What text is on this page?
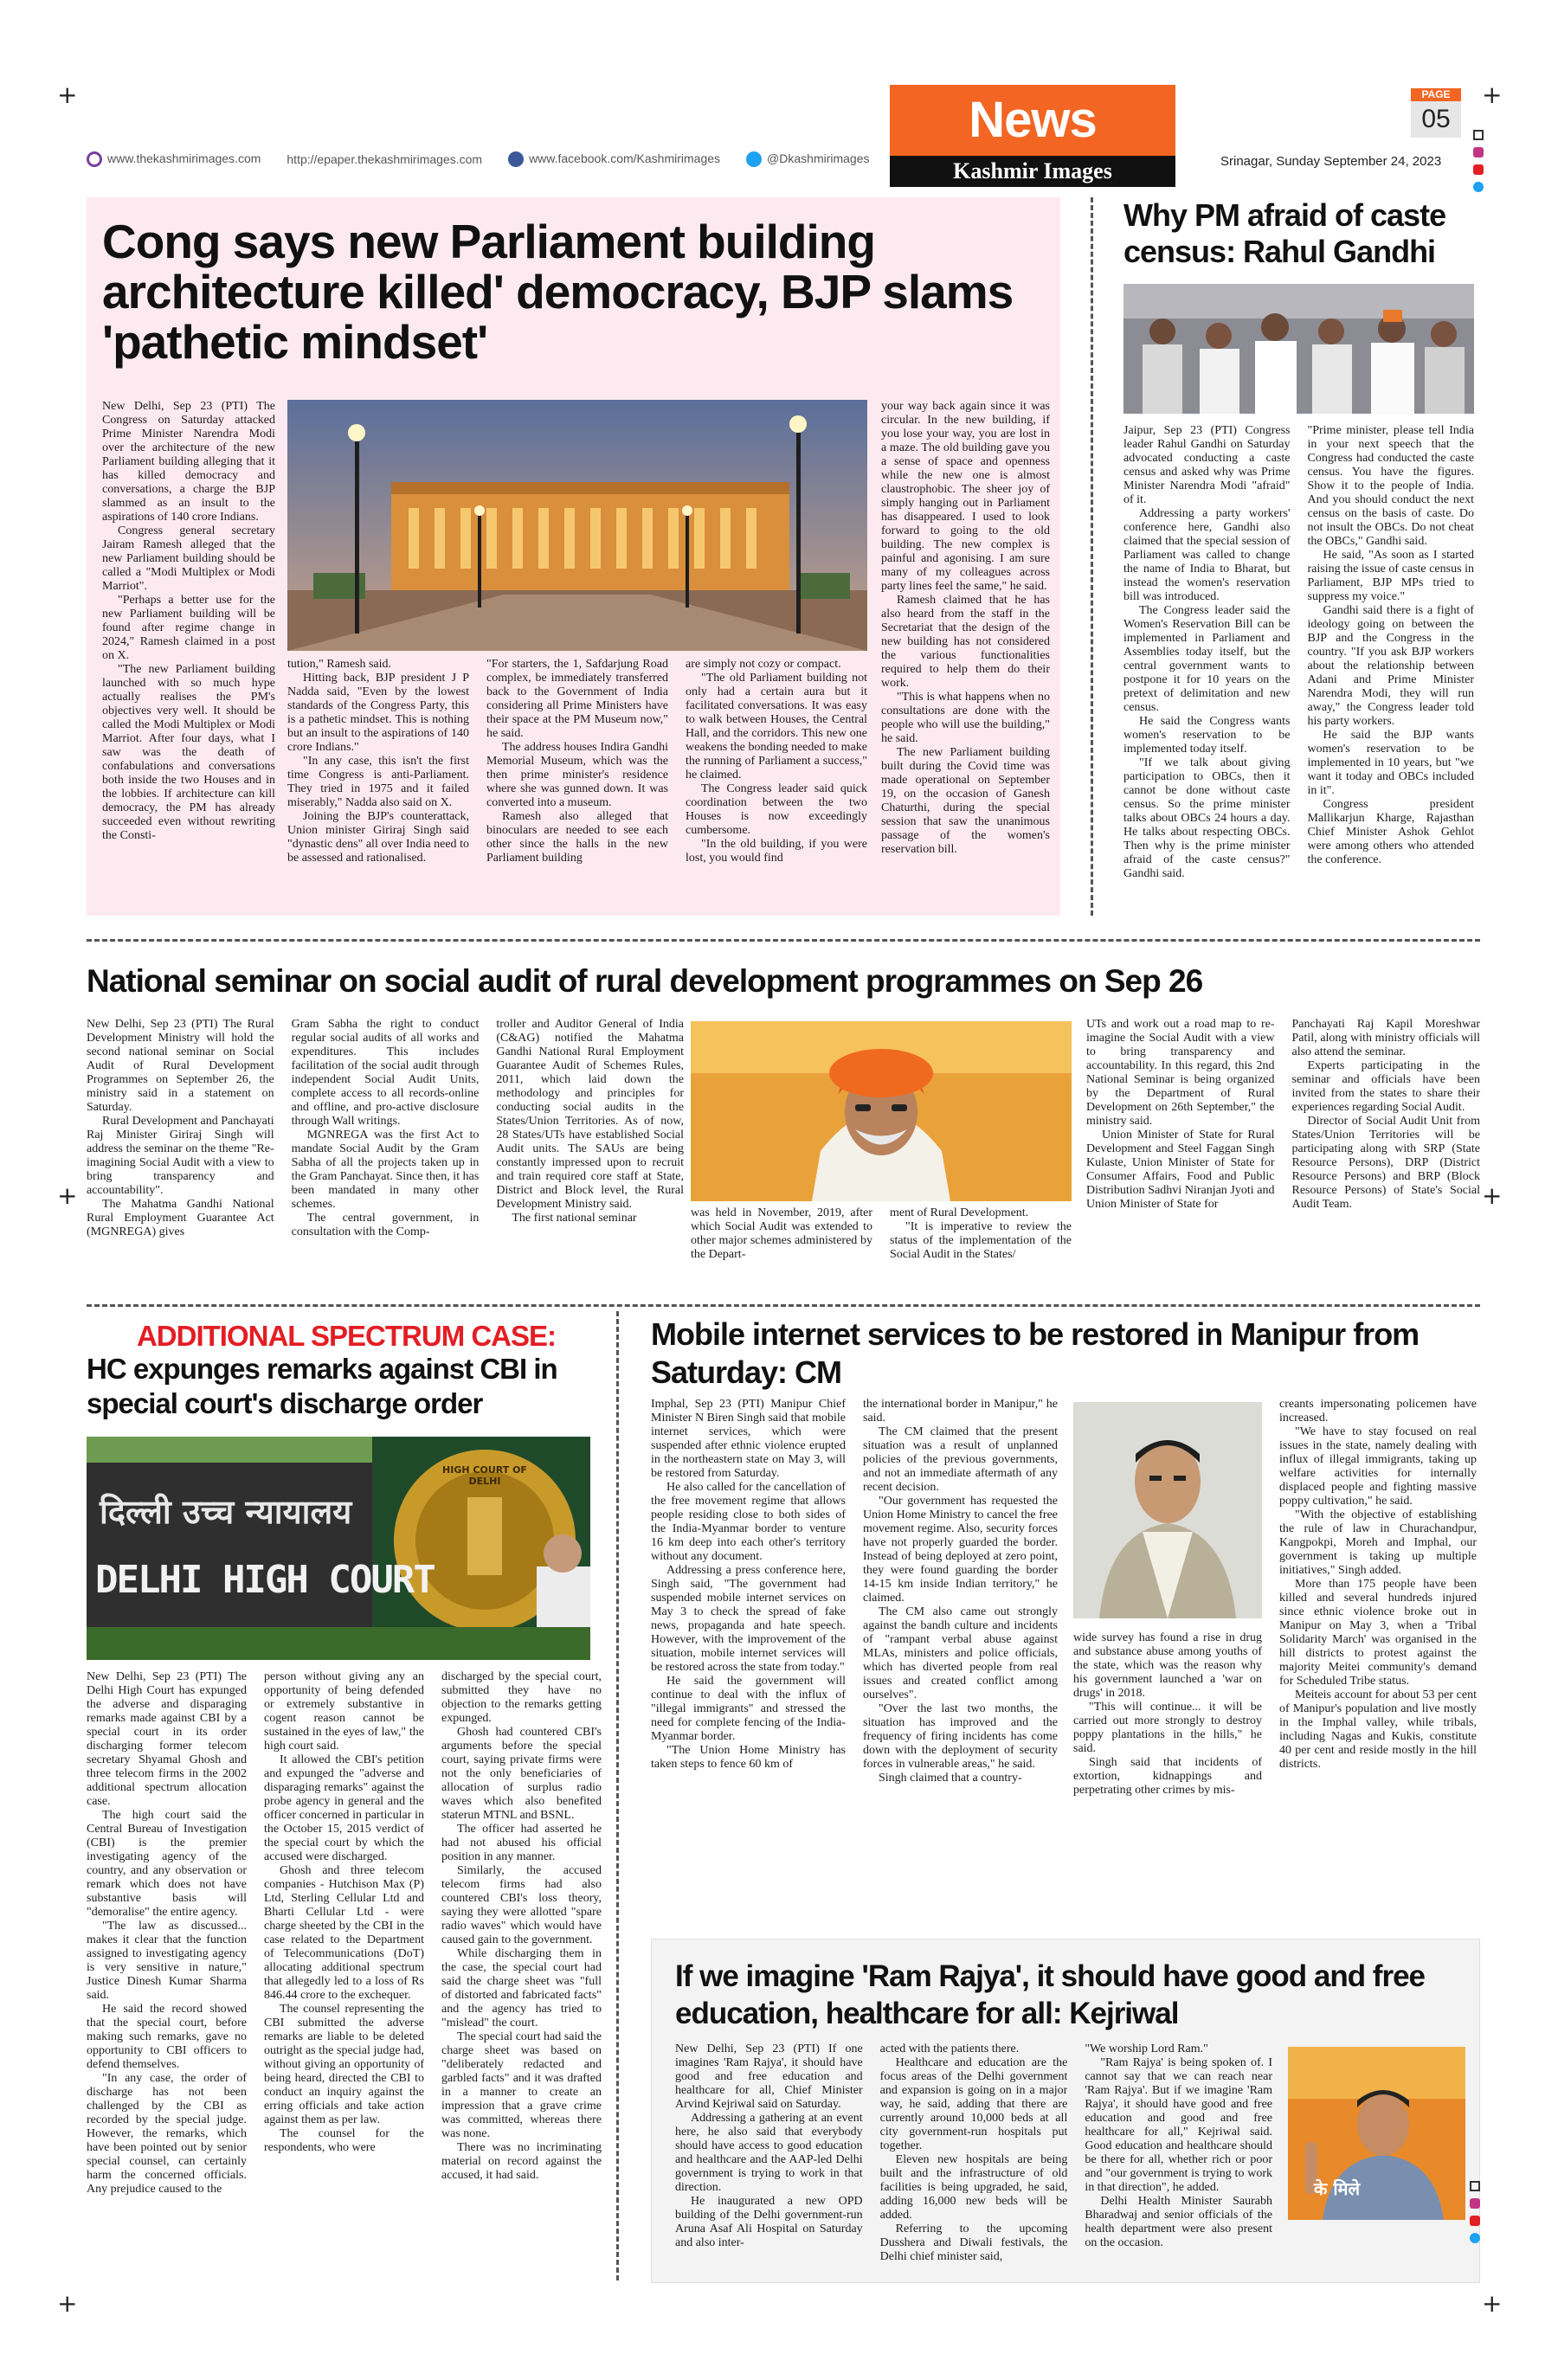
+	+
+	+
+	+
www.thekashmirimages.com http://epaper.thekashmirimages.com	www.facebook.com/Kashmirimages	@Dkashmirimages
News
Kashmir Images
PAGE
05
Srinagar, Sunday September 24, 2023
Cong says new Parliament building architecture killed' democracy, BJP slams 'pathetic mindset'

New Delhi, Sep 23 (PTI) The Congress on Saturday attacked Prime Minister Narendra Modi over the architecture of the new Parliament building alleging that it has killed democracy and conversations, a charge the BJP slammed as an insult to the aspirations of 140 crore Indians.

Congress general secretary Jairam Ramesh alleged that the new Parliament building should be called a "Modi Multiplex or Modi Marriot".

"Perhaps a better use for the new Parliament building will be found after regime change in 2024," Ramesh claimed in a post on X.

"The new Parliament building launched with so much hype actually realises the PM's objectives very well. It should be called the Modi Multiplex or Modi Marriot. After four days, what I saw was the death of confabulations and conversations both inside the two Houses and in the lobbies. If architecture can kill democracy, the PM has already succeeded even without rewriting the Consti-

tution," Ramesh said.

Hitting back, BJP president J P Nadda said, "Even by the lowest standards of the Congress Party, this is a pathetic mindset. This is nothing but an insult to the aspirations of 140 crore Indians."

"In any case, this isn't the first time Congress is anti-Parliament. They tried in 1975 and it failed miserably," Nadda also said on X.

Joining the BJP's counterattack, Union minister Giriraj Singh said "dynastic dens" all over India need to be assessed and rationalised.

"For starters, the 1, Safdarjung Road complex, be immediately transferred back to the Government of India considering all Prime Ministers have their space at the PM Museum now," he said.

The address houses Indira Gandhi Memorial Museum, which was the then prime minister's residence where she was gunned down. It was converted into a museum.

Ramesh also alleged that binoculars are needed to see each other since the halls in the new Parliament building

are simply not cozy or compact.

"The old Parliament building not only had a certain aura but it facilitated conversations. It was easy to walk between Houses, the Central Hall, and the corridors. This new one weakens the bonding needed to make the running of Parliament a success," he claimed.

The Congress leader said quick coordination between the two Houses is now exceedingly cumbersome.

"In the old building, if you were lost, you would find

your way back again since it was circular. In the new building, if you lose your way, you are lost in a maze. The old building gave you a sense of space and openness while the new one is almost claustrophobic. The sheer joy of simply hanging out in Parliament has disappeared. I used to look forward to going to the old building. The new complex is painful and agonising. I am sure many of my colleagues across party lines feel the same," he said.

Ramesh claimed that he has also heard from the staff in the Secretariat that the design of the new building has not considered the various functionalities required to help them do their work.

"This is what happens when no consultations are done with the people who will use the building," he said.

The new Parliament building built during the Covid time was made operational on September 19, on the occasion of Ganesh Chaturthi, during the special session that saw the unanimous passage of the women's reservation bill.

Why PM afraid of caste census: Rahul Gandhi

Jaipur, Sep 23 (PTI) Congress leader Rahul Gandhi on Saturday advocated conducting a caste census and asked why was Prime Minister Narendra Modi "afraid" of it.

Addressing a party workers' conference here, Gandhi also claimed that the special session of Parliament was called to change the name of India to Bharat, but instead the women's reservation bill was introduced.

The Congress leader said the Women's Reservation Bill can be implemented in Parliament and Assemblies today itself, but the central government wants to postpone it for 10 years on the pretext of delimitation and new census.

He said the Congress wants women's reservation to be implemented today itself.

"If we talk about giving participation to OBCs, then it cannot be done without caste census. So the prime minister talks about OBCs 24 hours a day. He talks about respecting OBCs. Then why is the prime minister afraid of the caste census?" Gandhi said.

"Prime minister, please tell India in your next speech that the Congress had conducted the caste census. You have the figures. Show it to the people of India. And you should conduct the next census on the basis of caste. Do not insult the OBCs. Do not cheat the OBCs," Gandhi said.

He said, "As soon as I started raising the issue of caste census in Parliament, BJP MPs tried to suppress my voice."

Gandhi said there is a fight of ideology going on between the BJP and the Congress in the country. "If you ask BJP workers about the relationship between Adani and Prime Minister Narendra Modi, they will run away," the Congress leader told his party workers.

He said the BJP wants women's reservation to be implemented in 10 years, but "we want it today and OBCs included in it".

Congress president Mallikarjun Kharge, Rajasthan Chief Minister Ashok Gehlot were among others who attended the conference.

National seminar on social audit of rural development programmes on Sep 26

New Delhi, Sep 23 (PTI) The Rural Development Ministry will hold the second national seminar on Social Audit of Rural Development Programmes on September 26, the ministry said in a statement on Saturday.

Rural Development and Panchayati Raj Minister Giriraj Singh will address the seminar on the theme "Re-imagining Social Audit with a view to bring transparency and accountability".

The Mahatma Gandhi National Rural Employment Guarantee Act (MGNREGA) gives

Gram Sabha the right to conduct regular social audits of all works and expenditures. This includes facilitation of the social audit through independent Social Audit Units, complete access to all records-online and offline, and pro-active disclosure through Wall writings.

MGNREGA was the first Act to mandate Social Audit by the Gram Sabha of all the projects taken up in the Gram Panchayat. Since then, it has been mandated in many other schemes.

The central government, in consultation with the Comp-

troller and Auditor General of India (C&AG) notified the Mahatma Gandhi National Rural Employment Guarantee Audit of Schemes Rules, 2011, which laid down the methodology and principles for conducting social audits in the States/Union Territories. As of now, 28 States/UTs have established Social Audit units. The SAUs are being constantly impressed upon to recruit and train required core staff at State, District and Block level, the Rural Development Ministry said.

The first national seminar	was held in November, 2019, after which Social Audit was extended to other major schemes administered by the Depart-

ment of Rural Development.

"It is imperative to review the status of the implementation of the Social Audit in the States/

UTs and work out a road map to re-imagine the Social Audit with a view to bring transparency and accountability. In this regard, this 2nd National Seminar is being organized by the Department of Rural Development on 26th September," the ministry said.

Union Minister of State for Rural Development and Steel Faggan Singh Kulaste, Union Minister of State for Consumer Affairs, Food and Public Distribution Sadhvi Niranjan Jyoti and Union Minister of State for

Panchayati Raj Kapil Moreshwar Patil, along with ministry officials will also attend the seminar.

Experts participating in the seminar and officials have been invited from the states to share their experiences regarding Social Audit.

Director of Social Audit Unit from States/Union Territories will be participating along with SRP (State Resource Persons), DRP (District Resource Persons) and BRP (Block Resource Persons) of State's Social Audit Team.

ADDITIONAL SPECTRUM CASE:
HC expunges remarks against CBI in special court's discharge order
दिल्ली उच्च न्यायालय
DELHI HIGH COURT
HIGH COURT OF DELHI

New Delhi, Sep 23 (PTI) The Delhi High Court has expunged the adverse and disparaging remarks made against CBI by a special court in its order discharging former telecom secretary Shyamal Ghosh and three telecom firms in the 2002 additional spectrum allocation case.

The high court said the Central Bureau of Investigation (CBI) is the premier investigating agency of the country, and any observation or remark which does not have substantive basis will "demoralise" the entire agency.

"The law as discussed... makes it clear that the function assigned to investigating agency is very sensitive in nature," Justice Dinesh Kumar Sharma said.

He said the record showed that the special court, before making such remarks, gave no opportunity to CBI officers to defend themselves.

"In any case, the order of discharge has not been challenged by the CBI as recorded by the special judge. However, the remarks, which have been pointed out by senior special counsel, can certainly harm the concerned officials. Any prejudice caused to the

person without giving any an opportunity of being defended or extremely substantive in cogent reason cannot be sustained in the eyes of law," the high court said.

It allowed the CBI's petition and expunged the "adverse and disparaging remarks" against the probe agency in general and the officer concerned in particular in the October 15, 2015 verdict of the special court by which the accused were discharged.

Ghosh and three telecom companies - Hutchison Max (P) Ltd, Sterling Cellular Ltd and Bharti Cellular Ltd - were charge sheeted by the CBI in the case related to the Department of Telecommunications (DoT) allocating additional spectrum that allegedly led to a loss of Rs 846.44 crore to the exchequer.

The counsel representing the CBI submitted the adverse remarks are liable to be deleted outright as the special judge had, without giving an opportunity of being heard, directed the CBI to conduct an inquiry against the erring officials and take action against them as per law.

The counsel for the respondents, who were

discharged by the special court, submitted they have no objection to the remarks getting expunged.

Ghosh had countered CBI's arguments before the special court, saying private firms were not the only beneficiaries of allocation of surplus radio waves which also benefited staterun MTNL and BSNL.

The officer had asserted he had not abused his official position in any manner.

Similarly, the accused telecom firms had also countered CBI's loss theory, saying they were allotted "spare radio waves" which would have caused gain to the government.

While discharging them in the case, the special court had said the charge sheet was "full of distorted and fabricated facts" and the agency has tried to "mislead" the court.

The special court had said the charge sheet was based on "deliberately redacted and garbled facts" and it was drafted in a manner to create an impression that a grave crime was committed, whereas there was none.

There was no incriminating material on record against the accused, it had said.

Mobile internet services to be restored in Manipur from Saturday: CM

Imphal, Sep 23 (PTI) Manipur Chief Minister N Biren Singh said that mobile internet services, which were suspended after ethnic violence erupted in the northeastern state on May 3, will be restored from Saturday.

He also called for the cancellation of the free movement regime that allows people residing close to both sides of the India-Myanmar border to venture 16 km deep into each other's territory without any document.

Addressing a press conference here, Singh said, "The government had suspended mobile internet services on May 3 to check the spread of fake news, propaganda and hate speech. However, with the improvement of the situation, mobile internet services will be restored across the state from today."

He said the government will continue to deal with the influx of "illegal immigrants" and stressed the need for complete fencing of the India-Myanmar border.

"The Union Home Ministry has taken steps to fence 60 km of

the international border in Manipur," he said.

The CM claimed that the present situation was a result of unplanned policies of the previous governments, and not an immediate aftermath of any recent decision.

"Our government has requested the Union Home Ministry to cancel the free movement regime. Also, security forces have not properly guarded the border. Instead of being deployed at zero point, they were found guarding the border 14-15 km inside Indian territory," he claimed.

The CM also came out strongly against the bandh culture and incidents of "rampant verbal abuse against MLAs, ministers and police officials, which has diverted people from real issues and created conflict among ourselves".

"Over the last two months, the situation has improved and the frequency of firing incidents has come down with the deployment of security forces in vulnerable areas," he said.

Singh claimed that a country-

wide survey has found a rise in drug and substance abuse among youths of the state, which was the reason why his government launched a 'war on drugs' in 2018.

"This will continue... it will be carried out more strongly to destroy poppy plantations in the hills," he said.

Singh said that incidents of extortion, kidnappings and perpetrating other crimes by mis-

creants impersonating policemen have increased.

"We have to stay focused on real issues in the state, namely dealing with influx of illegal immigrants, taking up welfare activities for internally displaced people and fighting massive poppy cultivation," he said.

"With the objective of establishing the rule of law in Churachandpur, Kangpokpi, Moreh and Imphal, our government is taking up multiple initiatives," Singh added.

More than 175 people have been killed and several hundreds injured since ethnic violence broke out in Manipur on May 3, when a 'Tribal Solidarity March' was organised in the hill districts to protest against the majority Meitei community's demand for Scheduled Tribe status.

Meiteis account for about 53 per cent of Manipur's population and live mostly in the Imphal valley, while tribals, including Nagas and Kukis, constitute 40 per cent and reside mostly in the hill districts.

If we imagine 'Ram Rajya', it should have good and free education, healthcare for all: Kejriwal

New Delhi, Sep 23 (PTI) If one imagines 'Ram Rajya', it should have good and free education and healthcare for all, Chief Minister Arvind Kejriwal said on Saturday.

Addressing a gathering at an event here, he also said that everybody should have access to good education and healthcare and the AAP-led Delhi government is trying to work in that direction.

He inaugurated a new OPD building of the Delhi government-run Aruna Asaf Ali Hospital on Saturday and also inter-

acted with the patients there.

Healthcare and education are the focus areas of the Delhi government and expansion is going on in a major way, he said, adding that there are currently around 10,000 beds at all city government-run hospitals put together.

Eleven new hospitals are being built and the infrastructure of old facilities is being upgraded, he said, adding 16,000 new beds will be added.

Referring to the upcoming Dusshera and Diwali festivals, the Delhi chief minister said,

"We worship Lord Ram."

"Ram Rajya' is being spoken of. I cannot say that we can reach near 'Ram Rajya'. But if we imagine 'Ram Rajya', it should have good and free education and good and free healthcare for all," Kejriwal said. Good education and healthcare should be there for all, whether rich or poor and "our government is trying to work in that direction", he added.

Delhi Health Minister Saurabh Bharadwaj and senior officials of the health department were also present on the occasion.

के मिले
